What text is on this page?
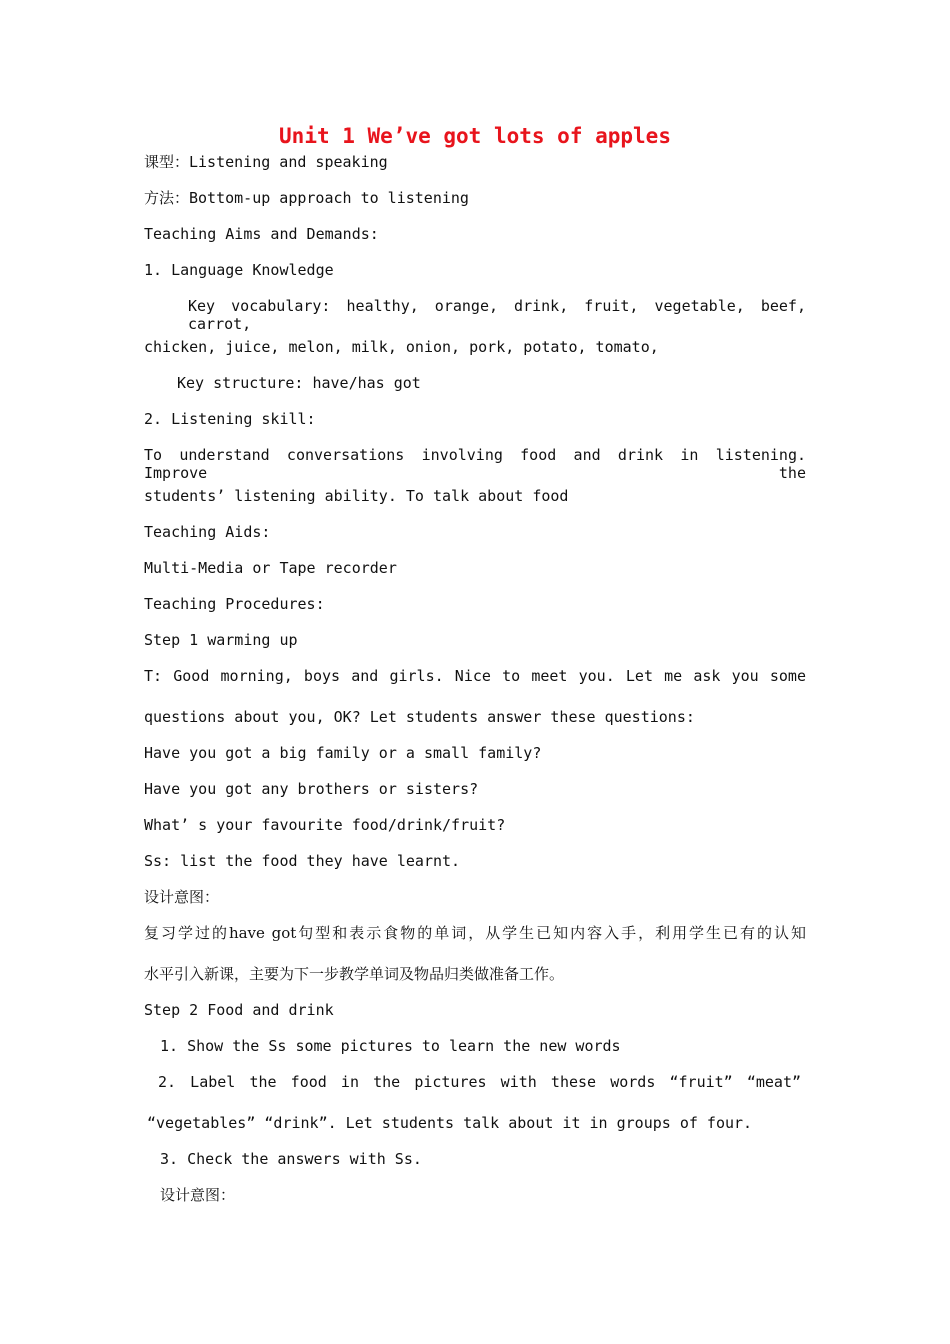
Unit 1 We’ve got lots of apples
课型：Listening and speaking
方法：Bottom-up approach to listening
Teaching Aims and Demands:
1. Language Knowledge
Key vocabulary: healthy, orange, drink, fruit, vegetable, beef, carrot,
chicken, juice, melon, milk, onion, pork, potato, tomato,
Key structure: have/has got
2. Listening skill:
To understand conversations involving food and drink in listening. Improve the
students’ listening ability. To talk about food
Teaching Aids:
Multi-Media or Tape recorder
Teaching Procedures:
Step 1 warming up
T: Good morning, boys and girls. Nice to meet you. Let me ask you some
questions about you, OK? Let students answer these questions:
Have you got a big family or a small family?
Have you got any brothers or sisters?
What’ s your favourite food/drink/fruit?
Ss: list the food they have learnt.
设计意图：
复习学过的have got句型和表示食物的单词，从学生已知内容入手，利用学生已有的认知
水平引入新课，主要为下一步教学单词及物品归类做准备工作。
Step 2 Food and drink
1. Show the Ss some pictures to learn the new words
2. Label the food in the pictures with these words “fruit” “meat”
“vegetables” “drink”. Let students talk about it in groups of four.
3. Check the answers with Ss.
设计意图：
